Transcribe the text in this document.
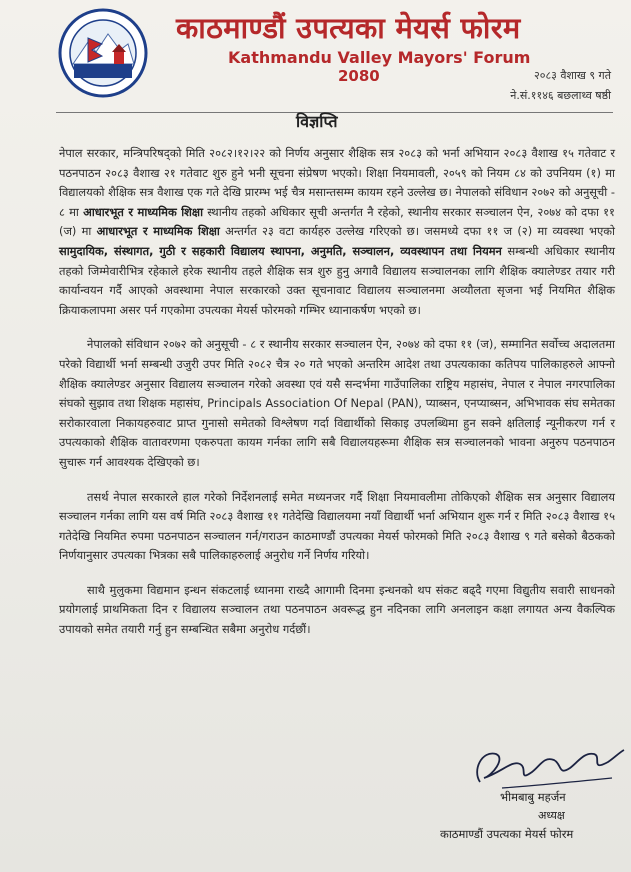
काठमाण्डौं उपत्यका मेयर्स फोरम
Kathmandu Valley Mayors' Forum
2080	२०८३ वैशाख ९ गते
ने.सं.११४६ बछलाथ्व षष्ठी
विज्ञप्ति

नेपाल सरकार, मन्त्रिपरिषद्को मिति २०८२।१२।२२ को निर्णय अनुसार शैक्षिक सत्र २०८३ को भर्ना अभियान २०८३ वैशाख १५ गतेवाट र पठनपाठन २०८३ वैशाख २१ गतेवाट शुरु हुने भनी सूचना संप्रेषण भएको। शिक्षा नियमावली, २०५९ को नियम ८४ को उपनियम (१) मा विद्यालयको शैक्षिक सत्र वैशाख एक गते देखि प्रारम्भ भई चैत्र मसान्तसम्म कायम रहने उल्लेख छ। नेपालको संविधान २०७२ को अनुसूची - ८ मा आधारभूत र माध्यमिक शिक्षा स्थानीय तहको अधिकार सूची अन्तर्गत नै रहेको, स्थानीय सरकार सञ्चालन ऐन, २०७४ को दफा ११ (ज) मा आधारभूत र माध्यमिक शिक्षा अन्तर्गत २३ वटा कार्यहरु उल्लेख गरिएको छ। जसमध्ये दफा ११ ज (२) मा व्यवस्था भएको सामुदायिक, संस्थागत, गुठी र सहकारी विद्यालय स्थापना, अनुमति, सञ्चालन, व्यवस्थापन तथा नियमन सम्बन्धी अधिकार स्थानीय तहको जिम्मेवारीभित्र रहेकाले हरेक स्थानीय तहले शैक्षिक सत्र शुरु हुनु अगावै विद्यालय सञ्चालनका लागि शैक्षिक क्यालेण्डर तयार गरी कार्यान्वयन गर्दै आएको अवस्थामा नेपाल सरकारको उक्त सूचनावाट विद्यालय सञ्चालनमा अव्यौलता सृजना भई नियमित शैक्षिक क्रियाकलापमा असर पर्न गएकोमा उपत्यका मेयर्स फोरमको गम्भिर ध्यानाकर्षण भएको छ।

नेपालको संविधान २०७२ को अनुसूची - ८ र स्थानीय सरकार सञ्चालन ऐन, २०७४ को दफा ११ (ज), सम्मानित सर्वोच्च अदालतमा परेको विद्यार्थी भर्ना सम्बन्धी उजुरी उपर मिति २०८२ चैत्र २० गते भएको अन्तरिम आदेश तथा उपत्यकाका कतिपय पालिकाहरुले आफ्नो शैक्षिक क्यालेण्डर अनुसार विद्यालय सञ्चालन गरेको अवस्था एवं यसै सन्दर्भमा गाउँपालिका राष्ट्रिय महासंघ, नेपाल र नेपाल नगरपालिका संघको सुझाव तथा शिक्षक महासंघ, Principals Association Of Nepal (PAN), प्याब्सन, एनप्याब्सन, अभिभावक संघ समेतका सरोकारवाला निकायहरुवाट प्राप्त गुनासो समेतको विश्लेषण गर्दा विद्यार्थीको सिकाइ उपलब्धिमा हुन सक्ने क्षतिलाई न्यूनीकरण गर्न र उपत्यकाको शैक्षिक वातावरणमा एकरुपता कायम गर्नका लागि सबै विद्यालयहरूमा शैक्षिक सत्र सञ्चालनको भावना अनुरुप पठनपाठन सुचारू गर्न आवश्यक देखिएको छ।

तसर्थ नेपाल सरकारले हाल गरेको निर्देशनलाई समेत मध्यनजर गर्दै शिक्षा नियमावलीमा तोकिएको शैक्षिक सत्र अनुसार विद्यालय सञ्चालन गर्नका लागि यस वर्ष मिति २०८३ वैशाख ११ गतेदेखि विद्यालयमा नयाँ विद्यार्थी भर्ना अभियान शुरू गर्न र मिति २०८३ वैशाख १५ गतेदेखि नियमित रुपमा पठनपाठन सञ्चालन गर्न/गराउन काठमाण्डौं उपत्यका मेयर्स फोरमको मिति २०८३ वैशाख ९ गते बसेको बैठकको निर्णयानुसार उपत्यका भित्रका सबै पालिकाहरुलाई अनुरोध गर्ने निर्णय गरियो।

साथै मुलुकमा विद्यमान इन्धन संकटलाई ध्यानमा राख्दै आगामी दिनमा इन्धनको थप संकट बढ्दै गएमा विद्युतीय सवारी साधनको प्रयोगलाई प्राथमिकता दिन र विद्यालय सञ्चालन तथा पठनपाठन अवरूद्ध हुन नदिनका लागि अनलाइन कक्षा लगायत अन्य वैकल्पिक उपायको समेत तयारी गर्नु हुन सम्बन्धित सबैमा अनुरोध गर्दछौं।

भीमबाबु महर्जन
अध्यक्ष
काठमाण्डौं उपत्यका मेयर्स फोरम
